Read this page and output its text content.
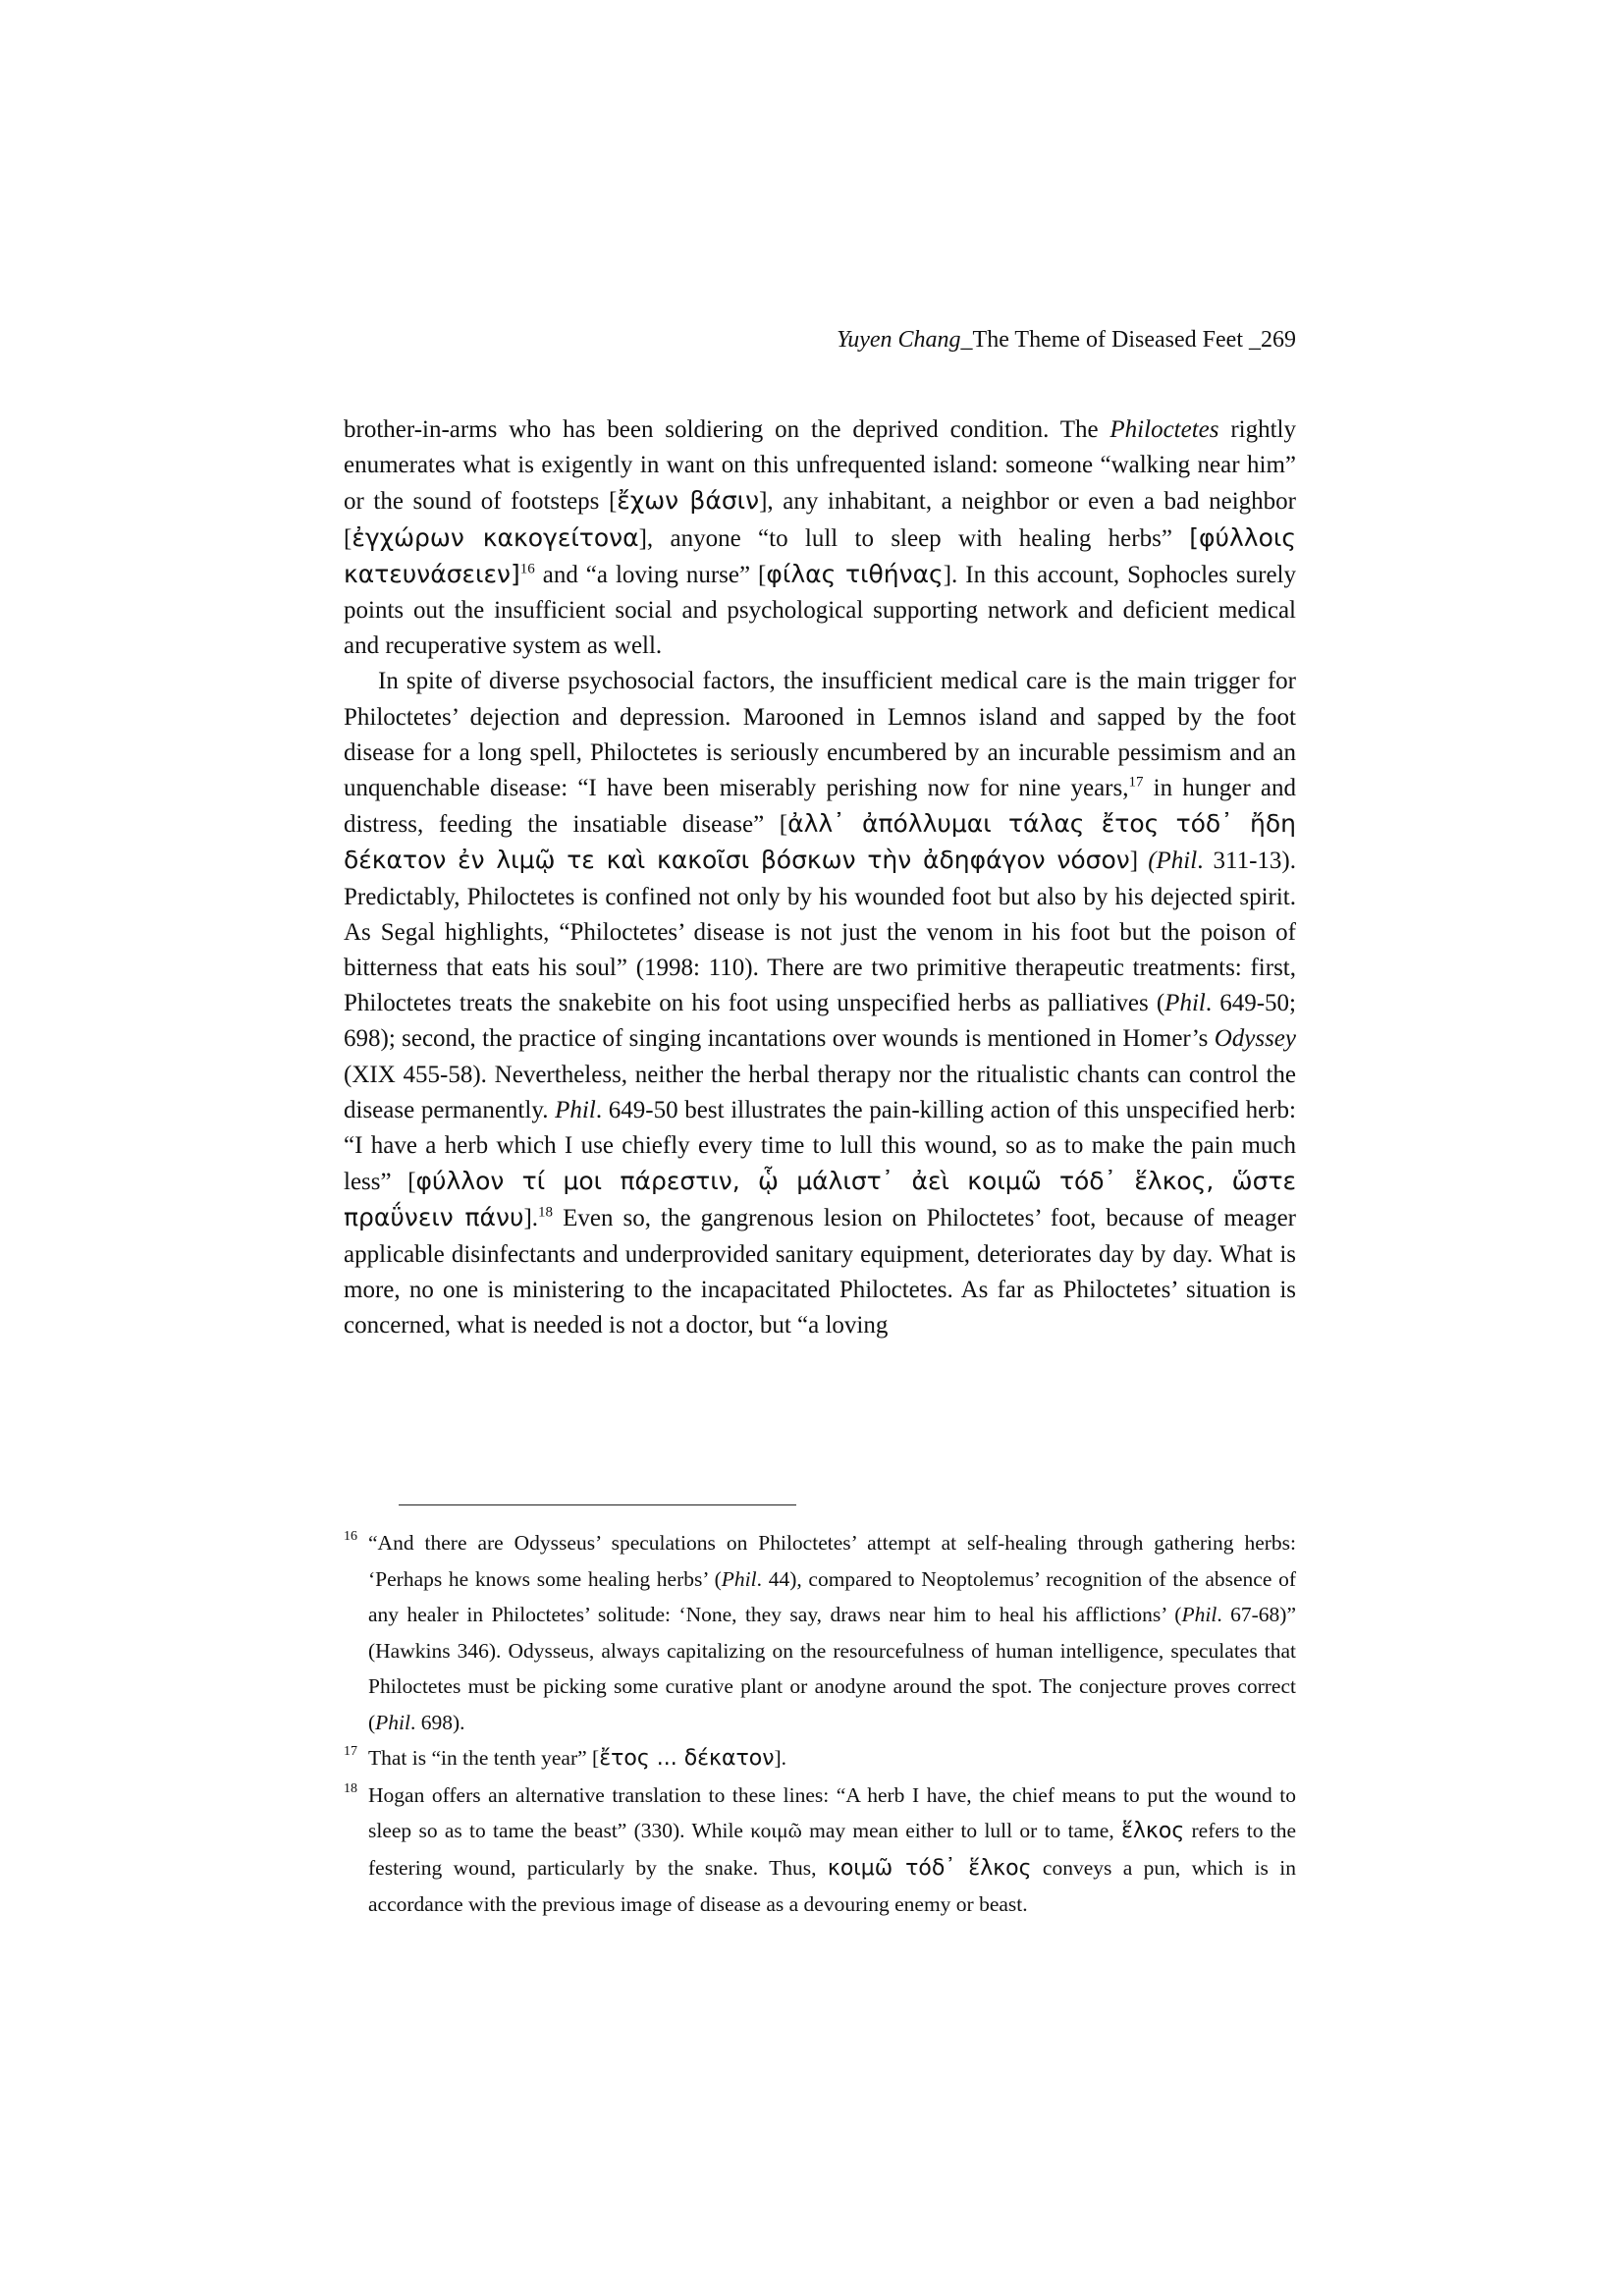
Yuyen Chang_The Theme of Diseased Feet _269

brother-in-arms who has been soldiering on the deprived condition. The Philoctetes rightly enumerates what is exigently in want on this unfrequented island: someone “walking near him” or the sound of footsteps [ἔχων βάσιν], any inhabitant, a neighbor or even a bad neighbor [ἐγχώρων κακογείτονα], anyone “to lull to sleep with healing herbs” [φύλλοις κατευνάσειεν]$^{16}$ and “a loving nurse” [φίλας τιθήνας]. In this account, Sophocles surely points out the insufficient social and psychological supporting network and deficient medical and recuperative system as well.

In spite of diverse psychosocial factors, the insufficient medical care is the main trigger for Philoctetes’ dejection and depression. Marooned in Lemnos island and sapped by the foot disease for a long spell, Philoctetes is seriously encumbered by an incurable pessimism and an unquenchable disease: “I have been miserably perishing now for nine years,$^{17}$ in hunger and distress, feeding the insatiable disease” [ἀλλ᾽ ἀπόλλυμαι τάλας ἔτος τόδ᾽ ἤδη δέκατον ἐν λιμῷ τε καὶ κακοῖσι βόσκων τὴν ἀδηφάγον νόσον] (Phil. 311-13). Predictably, Philoctetes is confined not only by his wounded foot but also by his dejected spirit. As Segal highlights, “Philoctetes’ disease is not just the venom in his foot but the poison of bitterness that eats his soul” (1998: 110). There are two primitive therapeutic treatments: first, Philoctetes treats the snakebite on his foot using unspecified herbs as palliatives (Phil. 649-50; 698); second, the practice of singing incantations over wounds is mentioned in Homer’s Odyssey (XIX 455-58). Nevertheless, neither the herbal therapy nor the ritualistic chants can control the disease permanently. Phil. 649-50 best illustrates the pain-killing action of this unspecified herb: “I have a herb which I use chiefly every time to lull this wound, so as to make the pain much less” [φύλλον τί μοι πάρεστιν, ᾧ μάλιστ᾽ ἀεὶ κοιμῶ τόδ᾽ ἕλκος, ὥστε πραΰνειν πάνυ].$^{18}$ Even so, the gangrenous lesion on Philoctetes’ foot, because of meager applicable disinfectants and underprovided sanitary equipment, deteriorates day by day. What is more, no one is ministering to the incapacitated Philoctetes. As far as Philoctetes’ situation is concerned, what is needed is not a doctor, but “a loving

16 “And there are Odysseus’ speculations on Philoctetes’ attempt at self-healing through gathering herbs: ‘Perhaps he knows some healing herbs’ (Phil. 44), compared to Neoptolemus’ recognition of the absence of any healer in Philoctetes’ solitude: ‘None, they say, draws near him to heal his afflictions’ (Phil. 67-68)” (Hawkins 346). Odysseus, always capitalizing on the resourcefulness of human intelligence, speculates that Philoctetes must be picking some curative plant or anodyne around the spot. The conjecture proves correct (Phil. 698).

17 That is “in the tenth year” [ἔτος ... δέκατον].

18 Hogan offers an alternative translation to these lines: “A herb I have, the chief means to put the wound to sleep so as to tame the beast” (330). While κοιμῶ may mean either to lull or to tame, ἕλκος refers to the festering wound, particularly by the snake. Thus, κοιμῶ τόδ᾽ ἕλκος conveys a pun, which is in accordance with the previous image of disease as a devouring enemy or beast.
